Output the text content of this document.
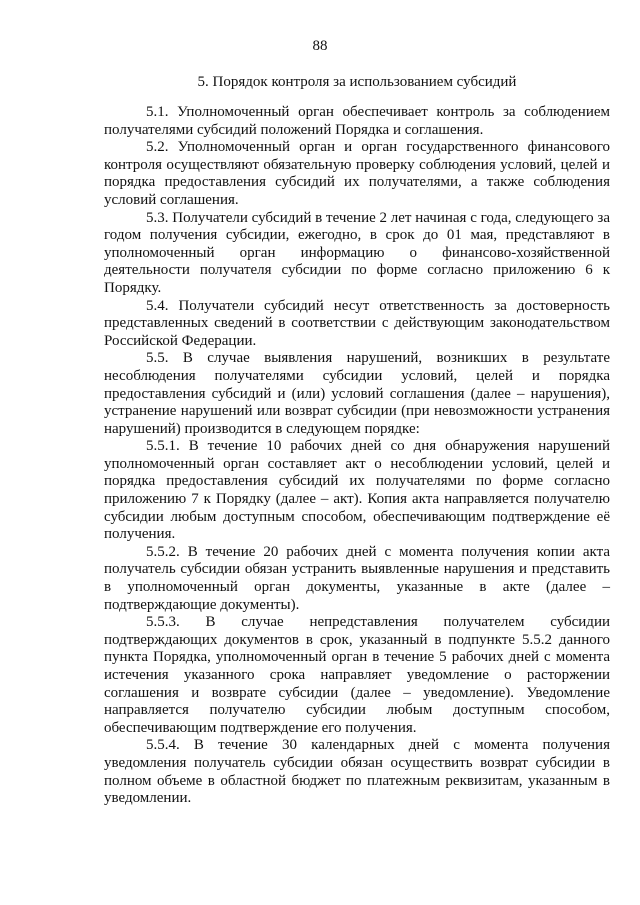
88
5. Порядок контроля за использованием субсидий

5.1. Уполномоченный орган обеспечивает контроль за соблюдением получателями субсидий положений Порядка и соглашения.

5.2. Уполномоченный орган и орган государственного финансового контроля осуществляют обязательную проверку соблюдения условий, целей и порядка предоставления субсидий их получателями, а также соблюдения условий соглашения.

5.3. Получатели субсидий в течение 2 лет начиная с года, следующего за годом получения субсидии, ежегодно, в срок до 01 мая, представляют в уполномоченный орган информацию о финансово-хозяйственной деятельности получателя субсидии по форме согласно приложению 6 к Порядку.

5.4. Получатели субсидий несут ответственность за достоверность представленных сведений в соответствии с действующим законодательством Российской Федерации.

5.5. В случае выявления нарушений, возникших в результате несоблюдения получателями субсидии условий, целей и порядка предоставления субсидий и (или) условий соглашения (далее – нарушения), устранение нарушений или возврат субсидии (при невозможности устранения нарушений) производится в следующем порядке:

5.5.1. В течение 10 рабочих дней со дня обнаружения нарушений уполномоченный орган составляет акт о несоблюдении условий, целей и порядка предоставления субсидий их получателями по форме согласно приложению 7 к Порядку (далее – акт). Копия акта направляется получателю субсидии любым доступным способом, обеспечивающим подтверждение её получения.

5.5.2. В течение 20 рабочих дней с момента получения копии акта получатель субсидии обязан устранить выявленные нарушения и представить в уполномоченный орган документы, указанные в акте (далее – подтверждающие документы).

5.5.3. В случае непредставления получателем субсидии подтверждающих документов в срок, указанный в подпункте 5.5.2 данного пункта Порядка, уполномоченный орган в течение 5 рабочих дней с момента истечения указанного срока направляет уведомление о расторжении соглашения и возврате субсидии (далее – уведомление). Уведомление направляется получателю субсидии любым доступным способом, обеспечивающим подтверждение его получения.

5.5.4. В течение 30 календарных дней с момента получения уведомления получатель субсидии обязан осуществить возврат субсидии в полном объеме в областной бюджет по платежным реквизитам, указанным в уведомлении.
